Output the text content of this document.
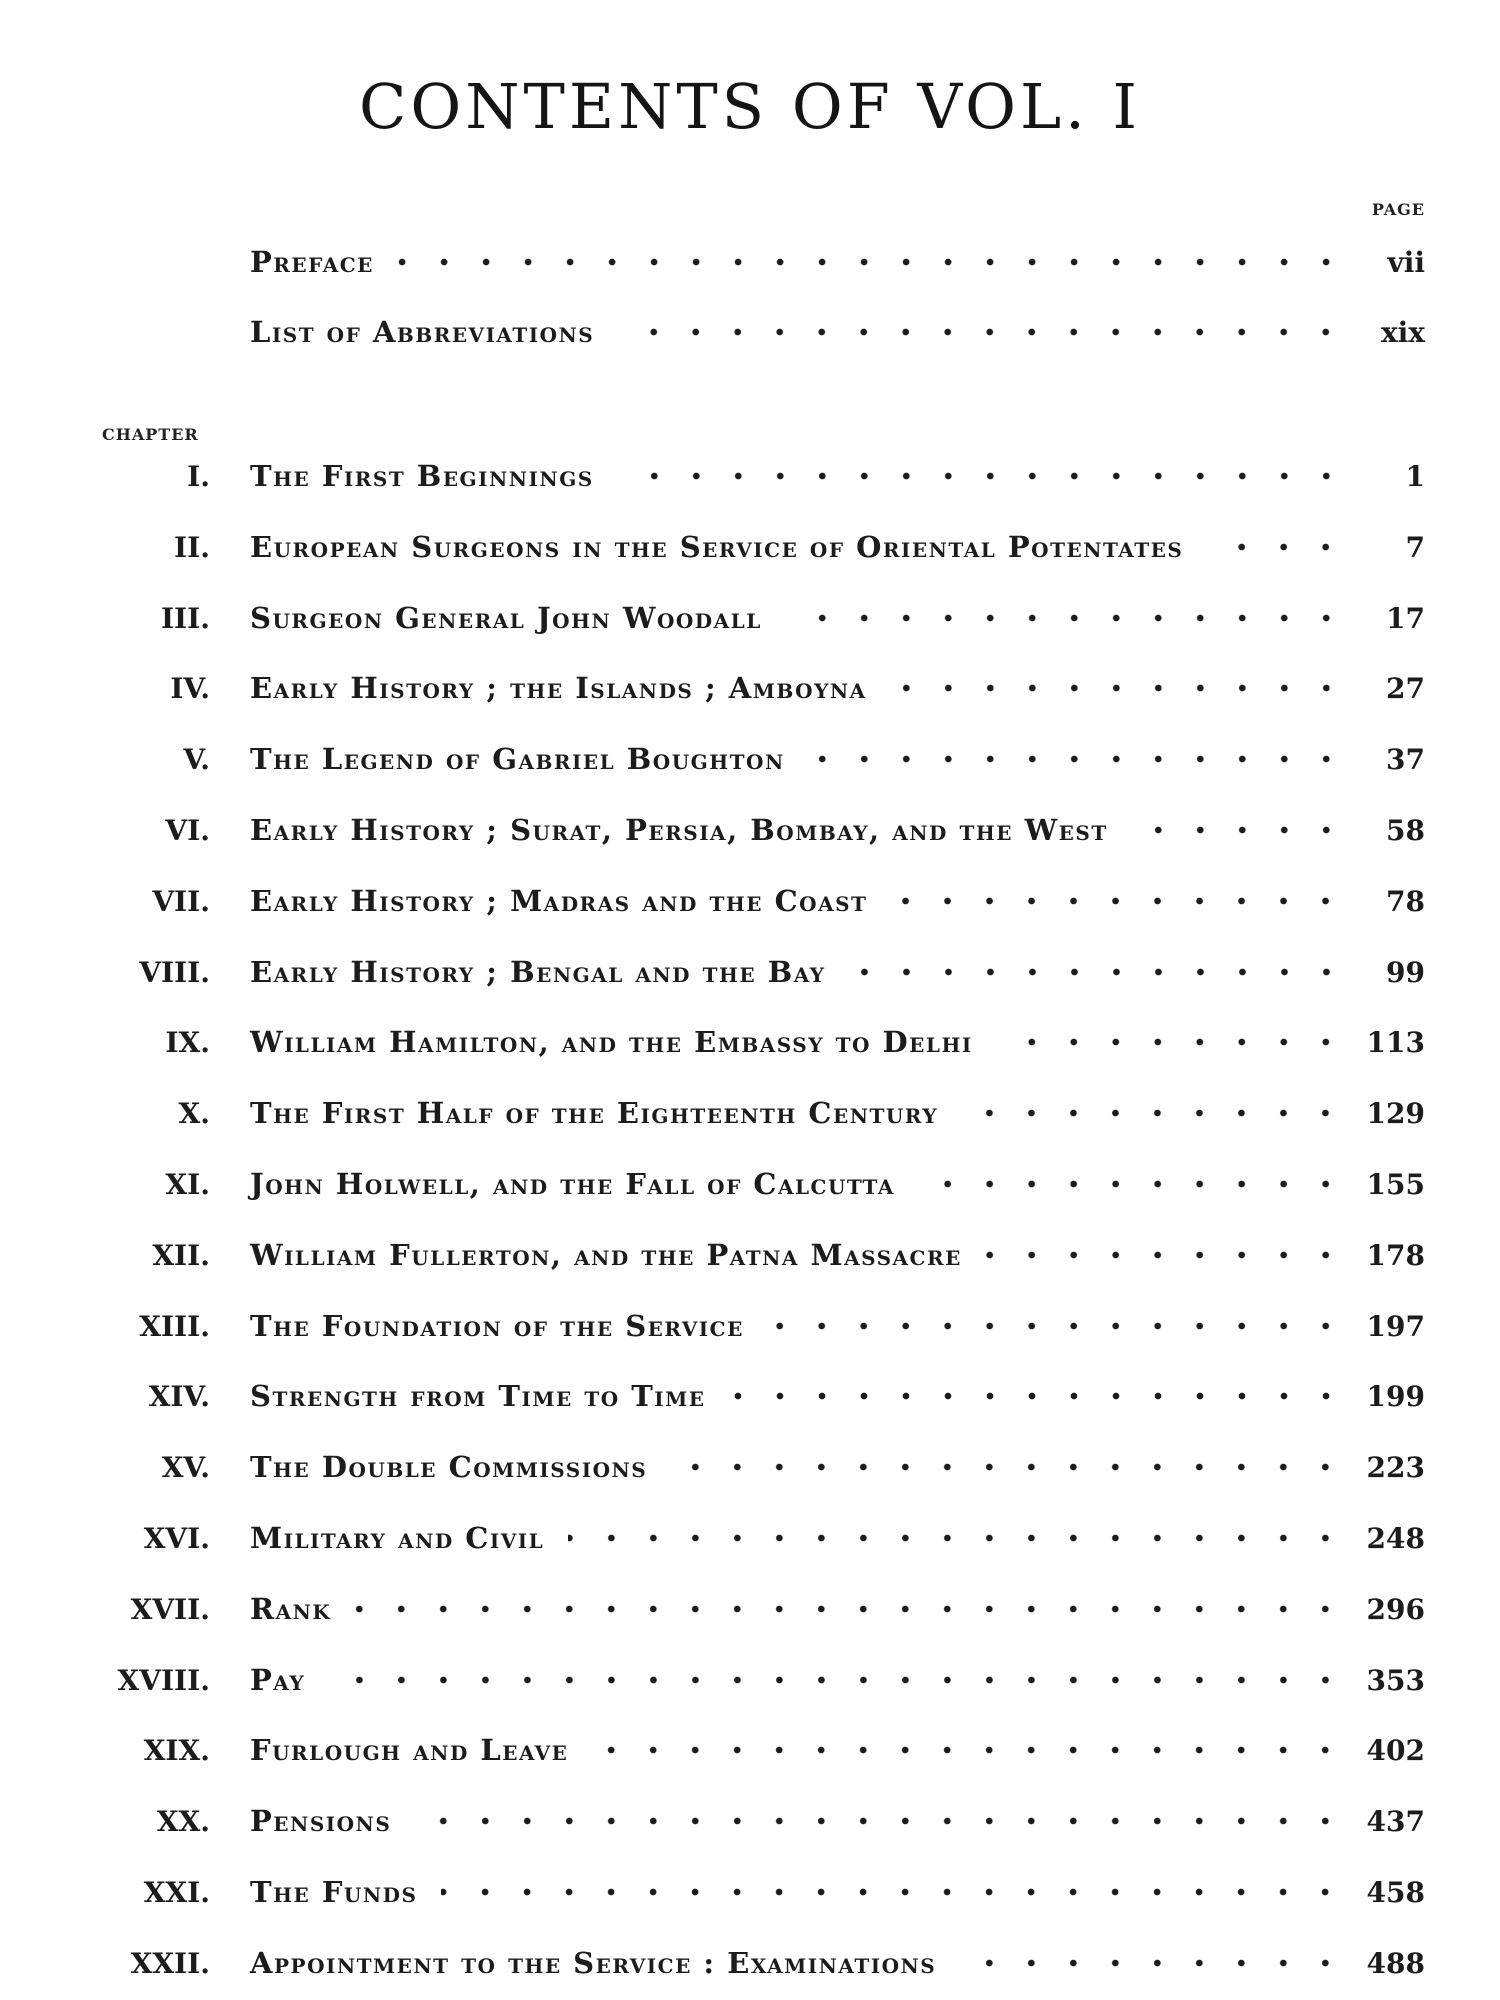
CONTENTS OF VOL. I
PAGE
CHAPTER
Preface	vii
List of Abbreviations	xix
I. The First Beginnings	1
II. European Surgeons in the Service of Oriental Potentates	7
III. Surgeon General John Woodall	17
IV. Early History ; the Islands ; Amboyna	27
V. The Legend of Gabriel Boughton	37
VI. Early History ; Surat, Persia, Bombay, and the West	58
VII. Early History ; Madras and the Coast	78
VIII. Early History ; Bengal and the Bay	99
IX. William Hamilton, and the Embassy to Delhi	113
X. The First Half of the Eighteenth Century	129
XI. John Holwell, and the Fall of Calcutta	155
XII. William Fullerton, and the Patna Massacre	178
XIII. The Foundation of the Service	197
XIV. Strength from Time to Time	199
XV. The Double Commissions	223
XVI. Military and Civil	248
XVII. Rank	296
XVIII. Pay	353
XIX. Furlough and Leave	402
XX. Pensions	437
XXI. The Funds	458
XXII. Appointment to the Service : Examinations	488
